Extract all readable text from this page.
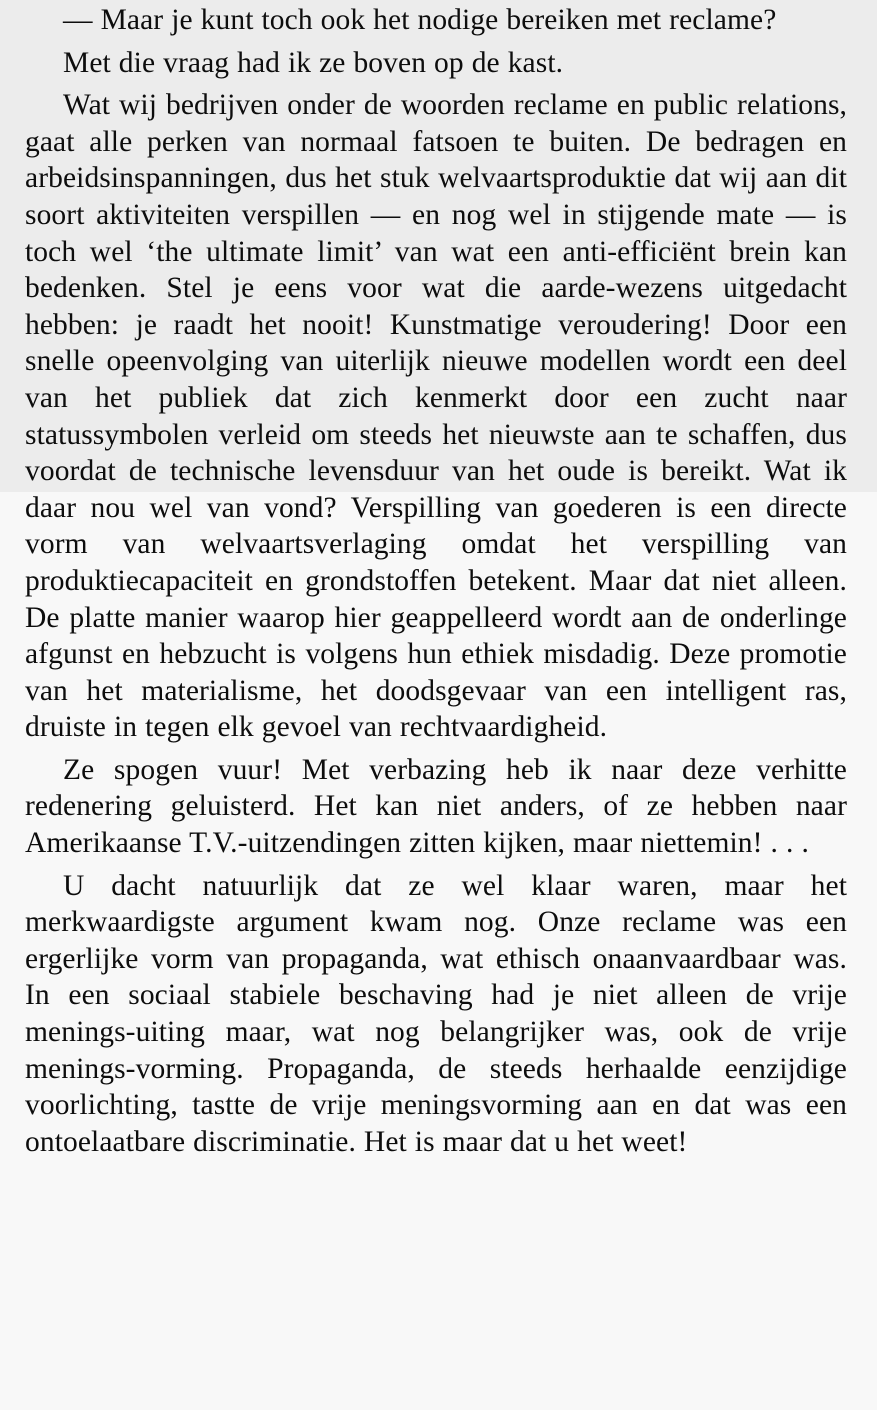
— Maar je kunt toch ook het nodige bereiken met reclame?

Met die vraag had ik ze boven op de kast.

Wat wij bedrijven onder de woorden reclame en public relations, gaat alle perken van normaal fatsoen te buiten. De bedragen en arbeidsinspanningen, dus het stuk welvaartsproduktie dat wij aan dit soort aktiviteiten verspillen — en nog wel in stijgende mate — is toch wel ‘the ultimate limit’ van wat een anti-efficiënt brein kan bedenken. Stel je eens voor wat die aarde-wezens uitgedacht hebben: je raadt het nooit! Kunstmatige veroudering! Door een snelle opeenvolging van uiterlijk nieuwe modellen wordt een deel van het publiek dat zich kenmerkt door een zucht naar statussymbolen verleid om steeds het nieuwste aan te schaffen, dus voordat de technische levensduur van het oude is bereikt. Wat ik daar nou wel van vond? Verspilling van goederen is een directe vorm van welvaartsverlaging omdat het verspilling van produktiecapaciteit en grondstoffen betekent. Maar dat niet alleen. De platte manier waarop hier geappelleerd wordt aan de onderlinge afgunst en hebzucht is volgens hun ethiek misdadig. Deze promotie van het materialisme, het doodsgevaar van een intelligent ras, druiste in tegen elk gevoel van rechtvaardigheid.

Ze spogen vuur! Met verbazing heb ik naar deze verhitte redenering geluisterd. Het kan niet anders, of ze hebben naar Amerikaanse T.V.-uitzendingen zitten kijken, maar niettemin! . . .

U dacht natuurlijk dat ze wel klaar waren, maar het merkwaardigste argument kwam nog. Onze reclame was een ergerlijke vorm van propaganda, wat ethisch onaanvaardbaar was. In een sociaal stabiele beschaving had je niet alleen de vrije menings-uiting maar, wat nog belangrijker was, ook de vrije menings-vorming. Propaganda, de steeds herhaalde eenzijdige voorlichting, tastte de vrije meningsvorming aan en dat was een ontoelaatbare discriminatie. Het is maar dat u het weet!
